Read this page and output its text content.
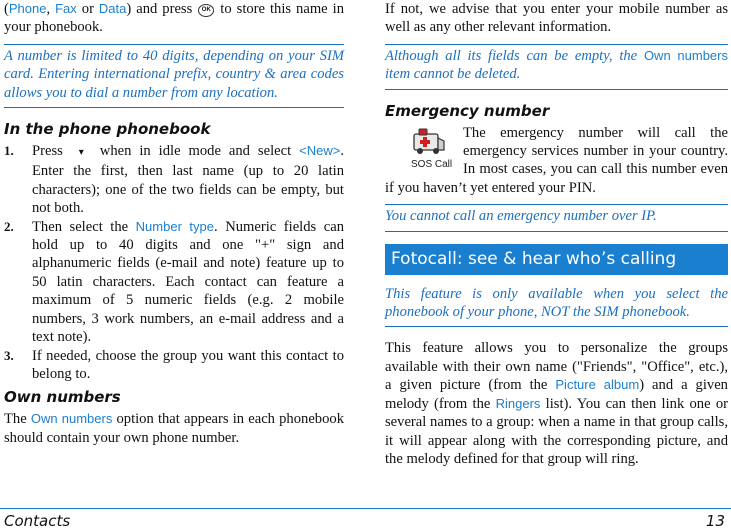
(Phone, Fax or Data) and press OK to store this name in your phonebook.

A number is limited to 40 digits, depending on your SIM card. Entering international prefix, country & area codes allows you to dial a number from any location.
In the phone phonebook
1. Press ▾ when in idle mode and select <New>. Enter the first, then last name (up to 20 latin characters); one of the two fields can be empty, but not both.
2. Then select the Number type. Numeric fields can hold up to 40 digits and one "+" sign and alphanumeric fields (e-mail and note) feature up to 50 latin characters. Each contact can feature a maximum of 5 numeric fields (e.g. 2 mobile numbers, 3 work numbers, an e-mail address and a text note).
3. If needed, choose the group you want this contact to belong to.
Own numbers

The Own numbers option that appears in each phonebook should contain your own phone number.

If not, we advise that you enter your mobile number as well as any other relevant information.

Although all its fields can be empty, the Own numbers item cannot be deleted.
Emergency number
SOS Call

The emergency number will call the emergency services number in your country. In most cases, you can call this number even if you haven’t yet entered your PIN.

You cannot call an emergency number over IP.
Fotocall: see & hear who’s calling
This feature is only available when you select the phonebook of your phone, NOT the SIM phonebook.

This feature allows you to personalize the groups available with their own name ("Friends", "Office", etc.), a given picture (from the Picture album) and a given melody (from the Ringers list). You can then link one or several names to a group: when a name in that group calls, it will appear along with the corresponding picture, and the melody defined for that group will ring.

Contacts	13
